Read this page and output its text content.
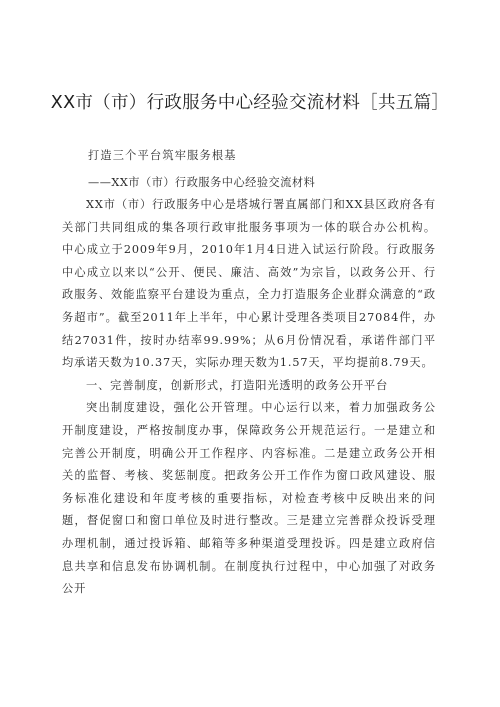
XX市（市）行政服务中心经验交流材料［共五篇］
打造三个平台筑牢服务根基
——XX市（市）行政服务中心经验交流材料

XX市（市）行政服务中心是塔城行署直属部门和XX县区政府各有关部门共同组成的集各项行政审批服务事项为一体的联合办公机构。中心成立于2009年9月，2010年1月4日进入试运行阶段。行政服务中心成立以来以“公开、便民、廉洁、高效”为宗旨，以政务公开、行政服务、效能监察平台建设为重点，全力打造服务企业群众满意的“政务超市”。截至2011年上半年，中心累计受理各类项目27084件，办结27031件，按时办结率99.99%；从6月份情况看，承诺件部门平均承诺天数为10.37天，实际办理天数为1.57天，平均提前8.79天。

一、完善制度，创新形式，打造阳光透明的政务公开平台

突出制度建设，强化公开管理。中心运行以来，着力加强政务公开制度建设，严格按制度办事，保障政务公开规范运行。一是建立和完善公开制度，明确公开工作程序、内容标准。二是建立政务公开相关的监督、考核、奖惩制度。把政务公开工作作为窗口政风建设、服务标准化建设和年度考核的重要指标，对检查考核中反映出来的问题，督促窗口和窗口单位及时进行整改。三是建立完善群众投诉受理办理机制，通过投诉箱、邮箱等多种渠道受理投诉。四是建立政府信息共享和信息发布协调机制。在制度执行过程中，中心加强了对政务公开
